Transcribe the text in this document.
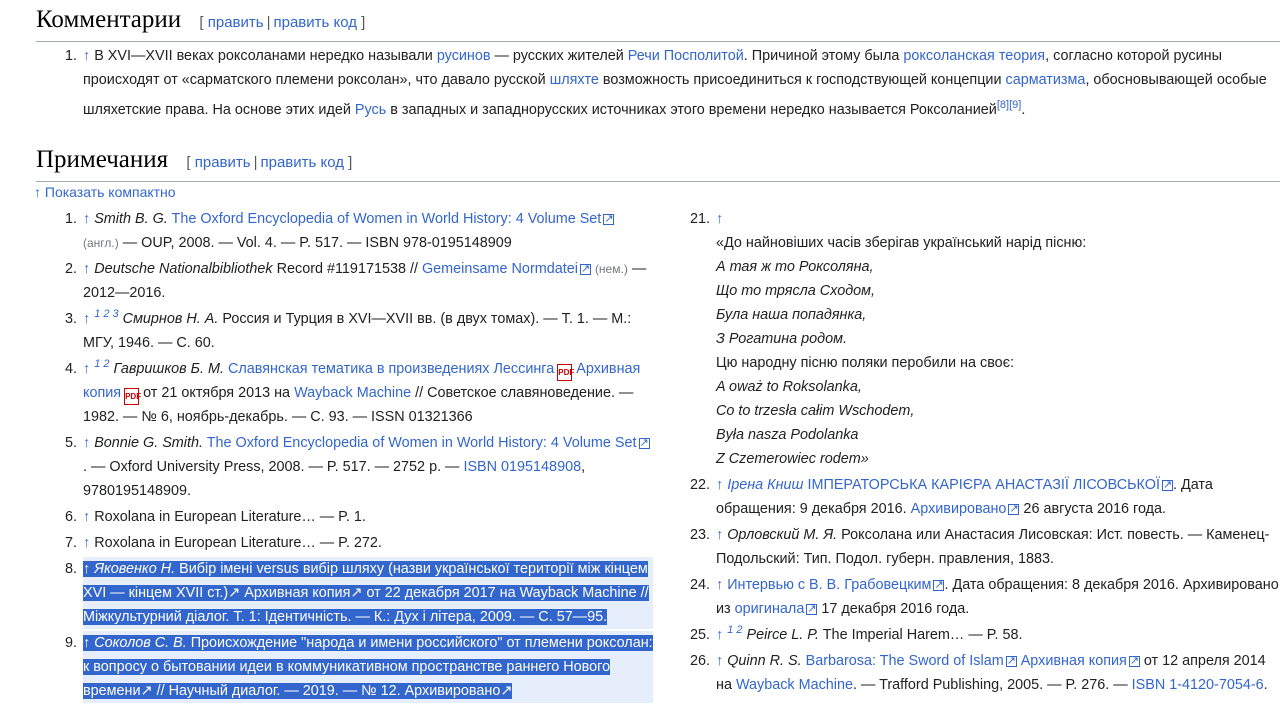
Комментарии [ править | править код ]
1. ↑ В XVI—XVII веках роксоланами нередко называли русинов — русских жителей Речи Посполитой. Причиной этому была роксоланская теория, согласно которой русины происходят от «сарматского племени роксолан», что давало русской шляхте возможность присоединиться к господствующей концепции сарматизма, обосновывающей особые шляхетские права. На основе этих идей Русь в западных и западнорусских источниках этого времени нередко называется Роксоланией[8][9].
Примечания [ править | править код ]
↑ Показать компактно
1. ↑ Smith B. G. The Oxford Encyclopedia of Women in World History: 4 Volume Set ↗ (англ.) — OUP, 2008. — Vol. 4. — P. 517. — ISBN 978-0195148909
2. ↑ Deutsche Nationalbibliothek Record #119171538 // Gemeinsame Normdatei ↗ (нем.) — 2012—2016.
3. ↑ $^{1 2 3}$ Смирнов Н. А. Россия и Турция в XVI—XVII вв. (в двух томах). — Т. 1. — М.: МГУ, 1946. — С. 60.
4. ↑ $^{1 2}$ Гавришков Б. М. Славянская тематика в произведениях Лессинга PDF Архивная копия PDF от 21 октября 2013 на Wayback Machine // Советское славяноведение. — 1982. — № 6, ноябрь-декабрь. — С. 93. — ISSN 01321366
5. ↑ Bonnie G. Smith. The Oxford Encyclopedia of Women in World History: 4 Volume Set ↗. — Oxford University Press, 2008. — P. 517. — 2752 p. — ISBN 0195148908, 9780195148909.
6. ↑ Roxolana in European Literature… — P. 1.
7. ↑ Roxolana in European Literature… — P. 272.
8. ↑ Яковенко Н. Вибір імені versus вибір шляху (назви української території між кінцем XVI — кінцем XVII ст.)↗ Архивная копия↗ от 22 декабря 2017 на Wayback Machine // Міжкультурний діалог. Т. 1: Ідентичність. — К.: Дух і літера, 2009. — С. 57—95.
9. ↑ Соколов С. В. Происхождение "народа и имени российского" от племени роксолан: к вопросу о бытовании идеи в коммуникативном пространстве раннего Нового времени↗ // Научный диалог. — 2019. — № 12. Архивировано↗
21. ↑
«До найновіших часів зберігав український нарід пісню:
А тая ж то Роксоляна,
Що то трясла Сходом,
Була наша попадянка,
З Рогатина родом.
Цю народну пісню поляки перобили на своє:
A oważ to Roksolanka,
Co to trzesła całim Wschodem,
Była nasza Podolanka
Z Czemerowiec rodem»
22. ↑ Ірена Книш ІМПЕРАТОРСЬКА КАРІЄРА АНАСТАЗІЇ ЛІСОВСЬКОЇ ↗ . Дата обращения: 9 декабря 2016. Архивировано ↗ 26 августа 2016 года.
23. ↑ Орловский М. Я. Роксолана или Анастасия Лисовская: Ист. повесть. — Каменец-Подольский: Тип. Подол. губерн. правления, 1883.
24. ↑ Интервью с В. В. Грабовецким ↗ . Дата обращения: 8 декабря 2016. Архивировано из оригинала ↗ 17 декабря 2016 года.
25. ↑ $^{1 2}$ Peirce L. P. The Imperial Harem… — P. 58.
26. ↑ Quinn R. S. Barbarosa: The Sword of Islam ↗ Архивная копия ↗ от 12 апреля 2014 на Wayback Machine. — Trafford Publishing, 2005. — P. 276. — ISBN 1-4120-7054-6.
